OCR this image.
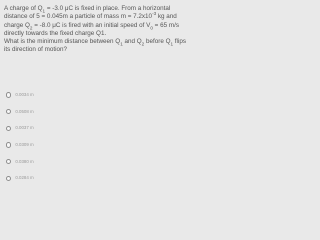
A charge of $Q_1 = -3.0$ μC is fixed in place. From a horizontal
distance of 5 = 0.045m a particle of mass $m = 7.2x10^{-3}$ kg and
charge $Q_2 = -8.0$ μC is fired with an initial speed of $V_0 = 65$ m/s
directly towards the fixed charge Q1.
What is the minimum distance between $Q_1$ and $Q_2$ before $Q_1$ flips
its direction of motion?
0.0034 m
0.0508 m
0.0037 m
0.0309 m
0.0380 m
0.0284 m
